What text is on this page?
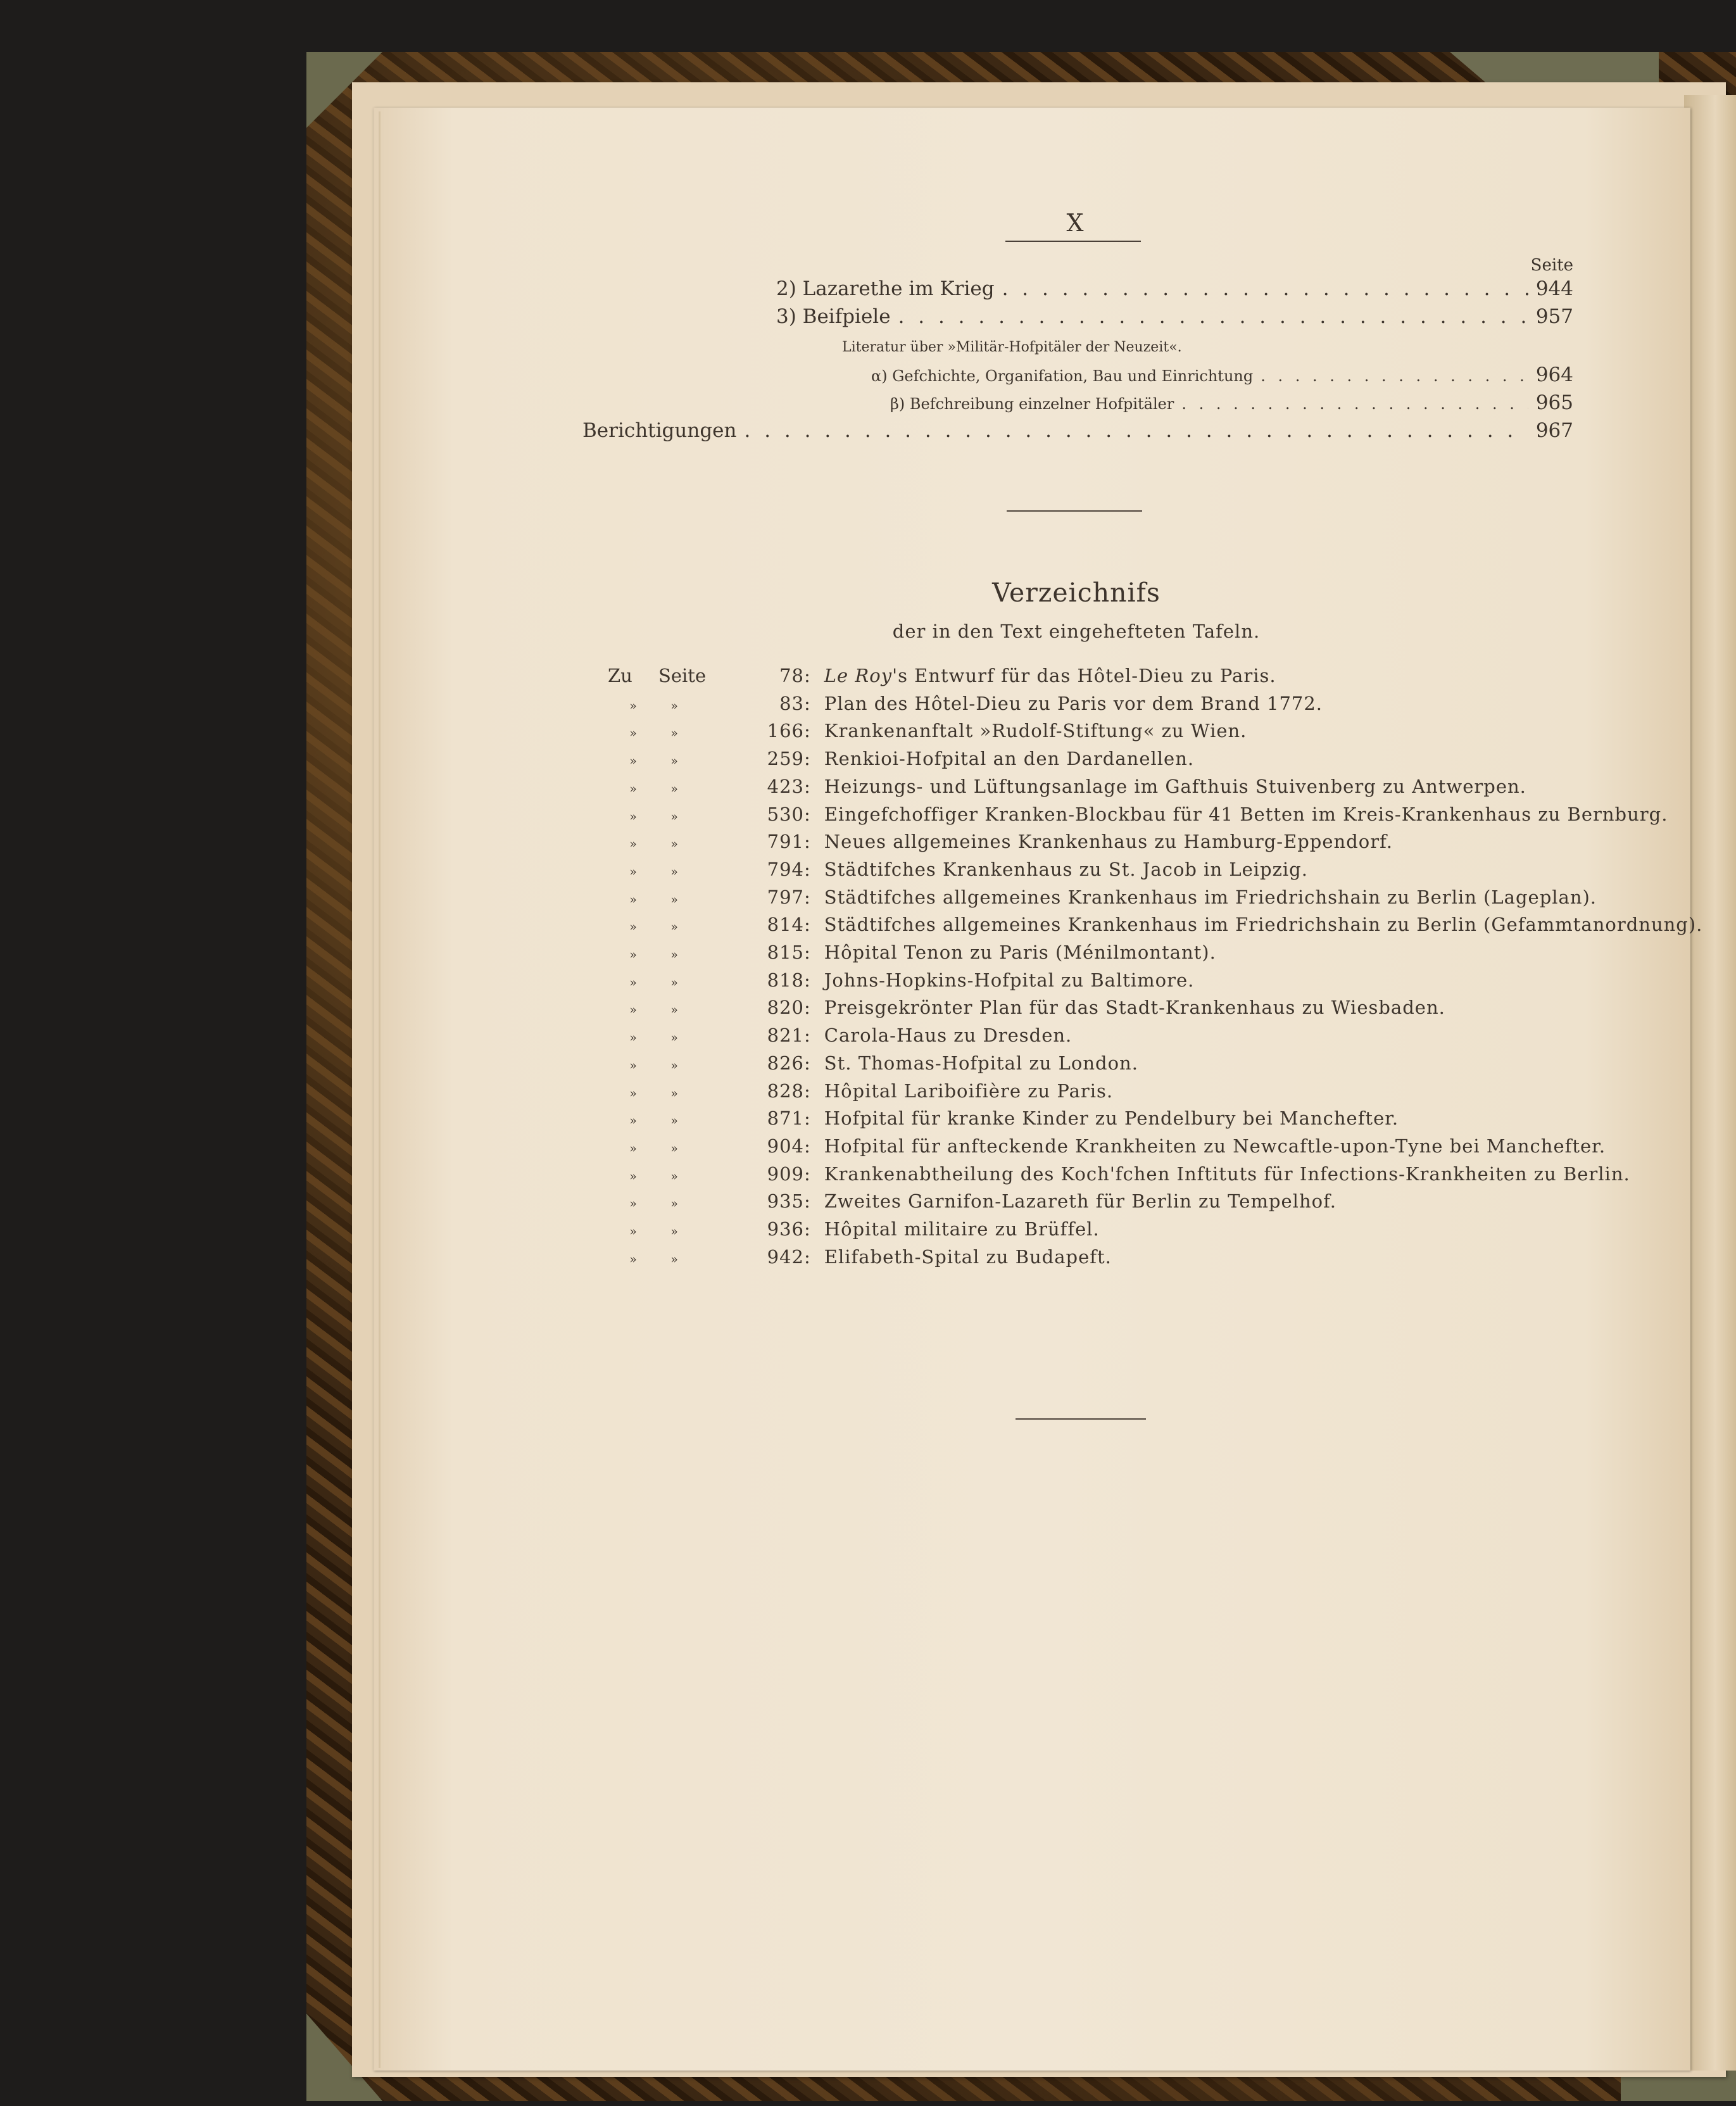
X
Seite
2) Lazarethe im Krieg . . .	944
3) Beifpiele . . .	957
Literatur über »Militär-Hofpitäler der Neuzeit«.
α) Gefchichte, Organifation, Bau und Einrichtung . . .	964
β) Befchreibung einzelner Hofpitäler . . .	965
Berichtigungen . . .	967
Verzeichnifs
der in den Text eingehefteten Tafeln.
Zu	Seite	78 : Le Roy's Entwurf für das Hôtel-Dieu zu Paris.
»	»	83 : Plan des Hôtel-Dieu zu Paris vor dem Brand 1772.
»	»	166 : Krankenanftalt »Rudolf-Stiftung« zu Wien.
»	»	259 : Renkioi-Hofpital an den Dardanellen.
»	»	423 : Heizungs- und Lüftungsanlage im Gafthuis Stuivenberg zu Antwerpen.
»	»	530 : Eingefchoffiger Kranken-Blockbau für 41 Betten im Kreis-Krankenhaus zu Bernburg.
»	»	791 : Neues allgemeines Krankenhaus zu Hamburg-Eppendorf.
»	»	794 : Städtifches Krankenhaus zu St. Jacob in Leipzig.
»	»	797 : Städtifches allgemeines Krankenhaus im Friedrichshain zu Berlin (Lageplan).
»	»	814 : Städtifches allgemeines Krankenhaus im Friedrichshain zu Berlin (Gefammtanordnung).
»	»	815 : Hôpital Tenon zu Paris (Ménilmontant).
»	»	818 : Johns-Hopkins-Hofpital zu Baltimore.
»	»	820 : Preisgekrönter Plan für das Stadt-Krankenhaus zu Wiesbaden.
»	»	821 : Carola-Haus zu Dresden.
»	»	826 : St. Thomas-Hofpital zu London.
»	»	828 : Hôpital Lariboifière zu Paris.
»	»	871 : Hofpital für kranke Kinder zu Pendelbury bei Manchefter.
»	»	904 : Hofpital für anfteckende Krankheiten zu Newcaftle-upon-Tyne bei Manchefter.
»	»	909 : Krankenabtheilung des Koch'fchen Inftituts für Infections-Krankheiten zu Berlin.
»	»	935 : Zweites Garnifon-Lazareth für Berlin zu Tempelhof.
»	»	936 : Hôpital militaire zu Brüffel.
»	»	942 : Elifabeth-Spital zu Budapeft.
